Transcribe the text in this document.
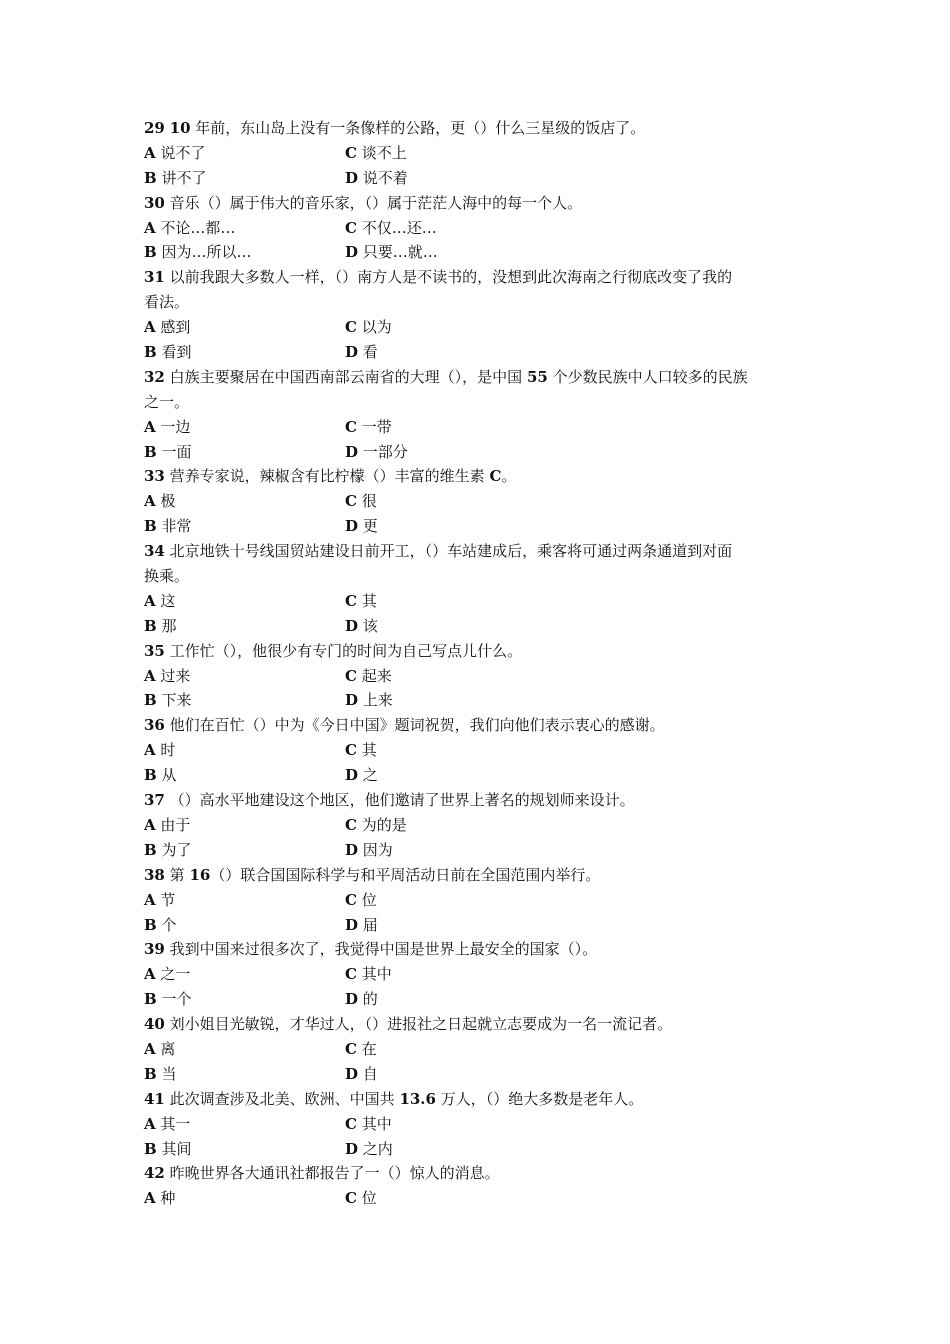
29 10 年前，东山岛上没有一条像样的公路，更（）什么三星级的饭店了。
A 说不了	C 谈不上
B 讲不了	D 说不着
30 音乐（）属于伟大的音乐家，（）属于茫茫人海中的每一个人。
A 不论…都…	C 不仅…还…
B 因为…所以…	D 只要…就…
31 以前我跟大多数人一样，（）南方人是不读书的，没想到此次海南之行彻底改变了我的
看法。
A 感到	C 以为
B 看到	D 看
32 白族主要聚居在中国西南部云南省的大理（），是中国 55 个少数民族中人口较多的民族
之一。
A 一边	C 一带
B 一面	D 一部分
33 营养专家说，辣椒含有比柠檬（）丰富的维生素 C。
A 极	C 很
B 非常	D 更
34 北京地铁十号线国贸站建设日前开工，（）车站建成后，乘客将可通过两条通道到对面
换乘。
A 这	C 其
B 那	D 该
35 工作忙（），他很少有专门的时间为自己写点儿什么。
A 过来	C 起来
B 下来	D 上来
36 他们在百忙（）中为《今日中国》题词祝贺，我们向他们表示衷心的感谢。
A 时	C 其
B 从	D 之
37 （）高水平地建设这个地区，他们邀请了世界上著名的规划师来设计。
A 由于	C 为的是
B 为了	D 因为
38 第 16（）联合国国际科学与和平周活动日前在全国范围内举行。
A 节	C 位
B 个	D 届
39 我到中国来过很多次了，我觉得中国是世界上最安全的国家（）。
A 之一	C 其中
B 一个	D 的
40 刘小姐目光敏锐，才华过人，（）进报社之日起就立志要成为一名一流记者。
A 离	C 在
B 当	D 自
41 此次调查涉及北美、欧洲、中国共 13.6 万人，（）绝大多数是老年人。
A 其一	C 其中
B 其间	D 之内
42 昨晚世界各大通讯社都报告了一（）惊人的消息。
A 种	C 位
